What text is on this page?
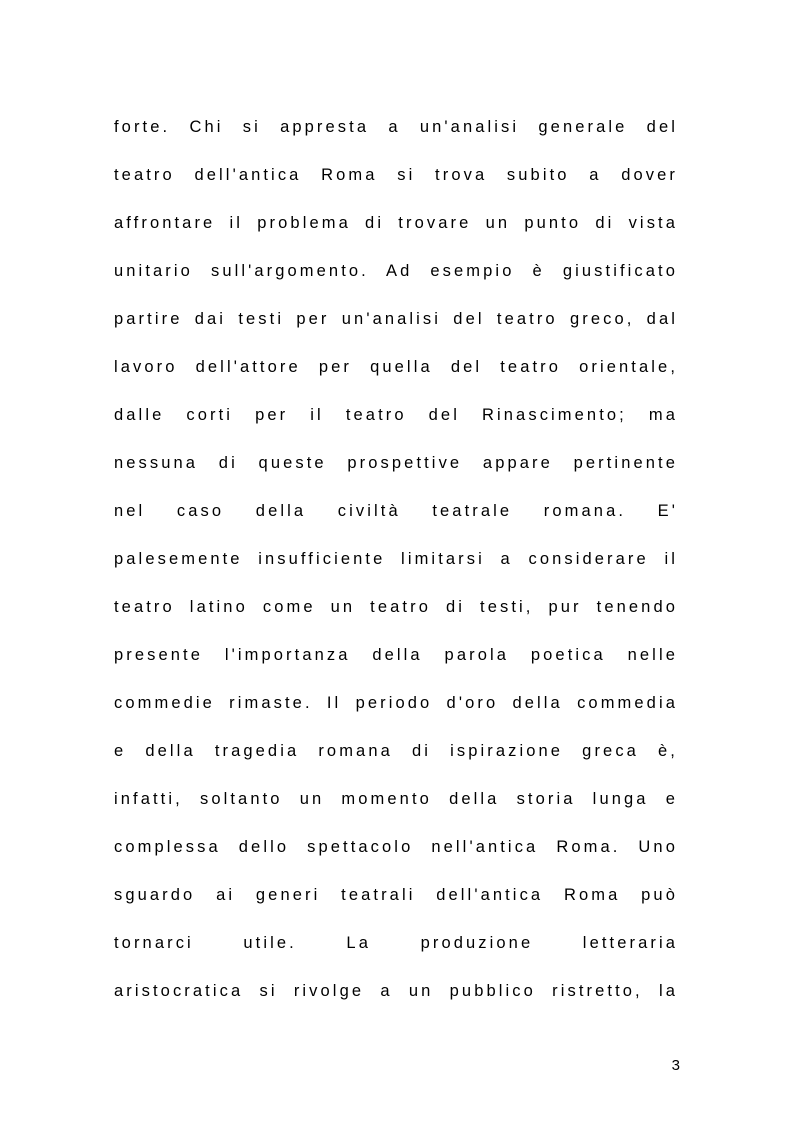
forte. Chi si appresta a un'analisi generale del
teatro dell'antica Roma si trova subito a dover
affrontare il problema di trovare un punto di vista
unitario sull'argomento. Ad esempio è giustificato
partire dai testi per un'analisi del teatro greco, dal
lavoro dell'attore per quella del teatro orientale,
dalle corti per il teatro del Rinascimento; ma
nessuna di queste prospettive appare pertinente
nel caso della civiltà teatrale romana. E'
palesemente insufficiente limitarsi a considerare il
teatro latino come un teatro di testi, pur tenendo
presente l'importanza della parola poetica nelle
commedie rimaste. Il periodo d'oro della commedia
e della tragedia romana di ispirazione greca è,
infatti, soltanto un momento della storia lunga e
complessa dello spettacolo nell'antica Roma. Uno
sguardo ai generi teatrali dell'antica Roma può
tornarci utile. La produzione letteraria
aristocratica si rivolge a un pubblico ristretto, la
3
